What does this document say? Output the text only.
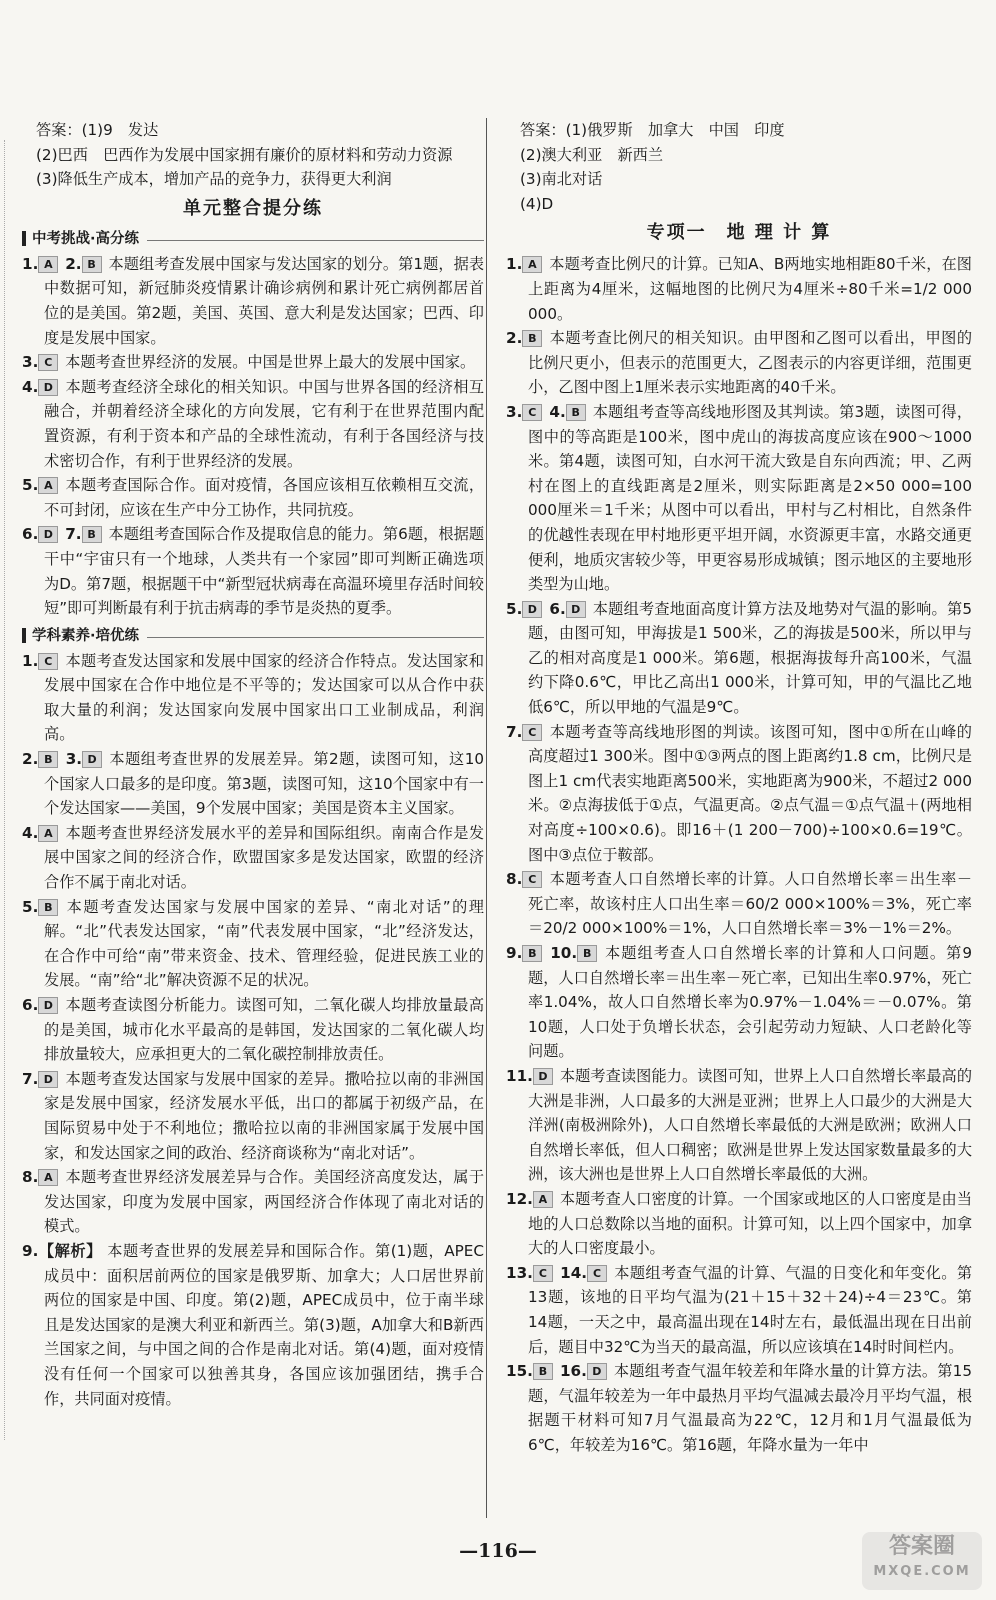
答案：(1)9　发达

(2)巴西　巴西作为发展中国家拥有廉价的原材料和劳动力资源

(3)降低生产成本，增加产品的竞争力，获得更大利润

单元整合提分练
中考挑战·高分练

1. A 2. B 本题组考查发展中国家与发达国家的划分。第1题，据表中数据可知，新冠肺炎疫情累计确诊病例和累计死亡病例都居首位的是美国。第2题，美国、英国、意大利是发达国家；巴西、印度是发展中国家。

3. C 本题考查世界经济的发展。中国是世界上最大的发展中国家。

4. D 本题考查经济全球化的相关知识。中国与世界各国的经济相互融合，并朝着经济全球化的方向发展，它有利于在世界范围内配置资源，有利于资本和产品的全球性流动，有利于各国经济与技术密切合作，有利于世界经济的发展。

5. A 本题考查国际合作。面对疫情，各国应该相互依赖相互交流，不可封闭，应该在生产中分工协作，共同抗疫。

6. D 7. B 本题组考查国际合作及提取信息的能力。第6题，根据题干中“宇宙只有一个地球，人类共有一个家园”即可判断正确选项为D。第7题，根据题干中“新型冠状病毒在高温环境里存活时间较短”即可判断最有利于抗击病毒的季节是炎热的夏季。

学科素养·培优练

1. C 本题考查发达国家和发展中国家的经济合作特点。发达国家和发展中国家在合作中地位是不平等的；发达国家可以从合作中获取大量的利润；发达国家向发展中国家出口工业制成品，利润高。

2. B 3. D 本题组考查世界的发展差异。第2题，读图可知，这10个国家人口最多的是印度。第3题，读图可知，这10个国家中有一个发达国家——美国，9个发展中国家；美国是资本主义国家。

4. A 本题考查世界经济发展水平的差异和国际组织。南南合作是发展中国家之间的经济合作，欧盟国家多是发达国家，欧盟的经济合作不属于南北对话。

5. B 本题考查发达国家与发展中国家的差异、“南北对话”的理解。“北”代表发达国家，“南”代表发展中国家，“北”经济发达，在合作中可给“南”带来资金、技术、管理经验，促进民族工业的发展。“南”给“北”解决资源不足的状况。

6. D 本题考查读图分析能力。读图可知，二氧化碳人均排放量最高的是美国，城市化水平最高的是韩国，发达国家的二氧化碳人均排放量较大，应承担更大的二氧化碳控制排放责任。

7. D 本题考查发达国家与发展中国家的差异。撒哈拉以南的非洲国家是发展中国家，经济发展水平低，出口的都属于初级产品，在国际贸易中处于不利地位；撒哈拉以南的非洲国家属于发展中国家，和发达国家之间的政治、经济商谈称为“南北对话”。

8. A 本题考查世界经济发展差异与合作。美国经济高度发达，属于发达国家，印度为发展中国家，两国经济合作体现了南北对话的模式。

9.【解析】 本题考查世界的发展差异和国际合作。第(1)题，APEC成员中：面积居前两位的国家是俄罗斯、加拿大；人口居世界前两位的国家是中国、印度。第(2)题，APEC成员中，位于南半球且是发达国家的是澳大利亚和新西兰。第(3)题，A加拿大和B新西兰国家之间，与中国之间的合作是南北对话。第(4)题，面对疫情没有任何一个国家可以独善其身，各国应该加强团结，携手合作，共同面对疫情。

答案：(1)俄罗斯　加拿大　中国　印度

(2)澳大利亚　新西兰

(3)南北对话

(4)D

专项一　地 理 计 算

1. A 本题考查比例尺的计算。已知A、B两地实地相距80千米，在图上距离为4厘米，这幅地图的比例尺为4厘米÷80千米=1/2 000 000。

2. B 本题考查比例尺的相关知识。由甲图和乙图可以看出，甲图的比例尺更小，但表示的范围更大，乙图表示的内容更详细，范围更小，乙图中图上1厘米表示实地距离的40千米。

3. C 4. B 本题组考查等高线地形图及其判读。第3题，读图可得，图中的等高距是100米，图中虎山的海拔高度应该在900～1000米。第4题，读图可知，白水河干流大致是自东向西流；甲、乙两村在图上的直线距离是2厘米，则实际距离是2×50 000=100 000厘米＝1千米；从图中可以看出，甲村与乙村相比，自然条件的优越性表现在甲村地形更平坦开阔，水资源更丰富，水路交通更便利，地质灾害较少等，甲更容易形成城镇；图示地区的主要地形类型为山地。

5. D 6. D 本题组考查地面高度计算方法及地势对气温的影响。第5题，由图可知，甲海拔是1 500米，乙的海拔是500米，所以甲与乙的相对高度是1 000米。第6题，根据海拔每升高100米，气温约下降0.6℃，甲比乙高出1 000米，计算可知，甲的气温比乙地低6℃，所以甲地的气温是9℃。

7. C 本题考查等高线地形图的判读。该图可知，图中①所在山峰的高度超过1 300米。图中①③两点的图上距离约1.8 cm，比例尺是图上1 cm代表实地距离500米，实地距离为900米，不超过2 000米。②点海拔低于①点，气温更高。②点气温＝①点气温＋(两地相对高度÷100×0.6)。即16＋(1 200－700)÷100×0.6=19℃。图中③点位于鞍部。

8. C 本题考查人口自然增长率的计算。人口自然增长率＝出生率－死亡率，故该村庄人口出生率＝60/2 000×100%＝3%，死亡率＝20/2 000×100%＝1%，人口自然增长率＝3%－1%＝2%。

9. B 10. B 本题组考查人口自然增长率的计算和人口问题。第9题，人口自然增长率＝出生率－死亡率，已知出生率0.97%，死亡率1.04%，故人口自然增长率为0.97%－1.04%＝－0.07%。第10题，人口处于负增长状态，会引起劳动力短缺、人口老龄化等问题。

11. D 本题考查读图能力。读图可知，世界上人口自然增长率最高的大洲是非洲，人口最多的大洲是亚洲；世界上人口最少的大洲是大洋洲(南极洲除外)，人口自然增长率最低的大洲是欧洲；欧洲人口自然增长率低，但人口稠密；欧洲是世界上发达国家数量最多的大洲，该大洲也是世界上人口自然增长率最低的大洲。

12. A 本题考查人口密度的计算。一个国家或地区的人口密度是由当地的人口总数除以当地的面积。计算可知，以上四个国家中，加拿大的人口密度最小。

13. C 14. C 本题组考查气温的计算、气温的日变化和年变化。第13题，该地的日平均气温为(21＋15＋32＋24)÷4＝23℃。第14题，一天之中，最高温出现在14时左右，最低温出现在日出前后，题目中32℃为当天的最高温，所以应该填在14时时间栏内。

15. B 16. D 本题组考查气温年较差和年降水量的计算方法。第15题，气温年较差为一年中最热月平均气温减去最冷月平均气温，根据题干材料可知7月气温最高为22℃，12月和1月气温最低为6℃，年较差为16℃。第16题，年降水量为一年中

—116—	答案圈
MXQE.COM
